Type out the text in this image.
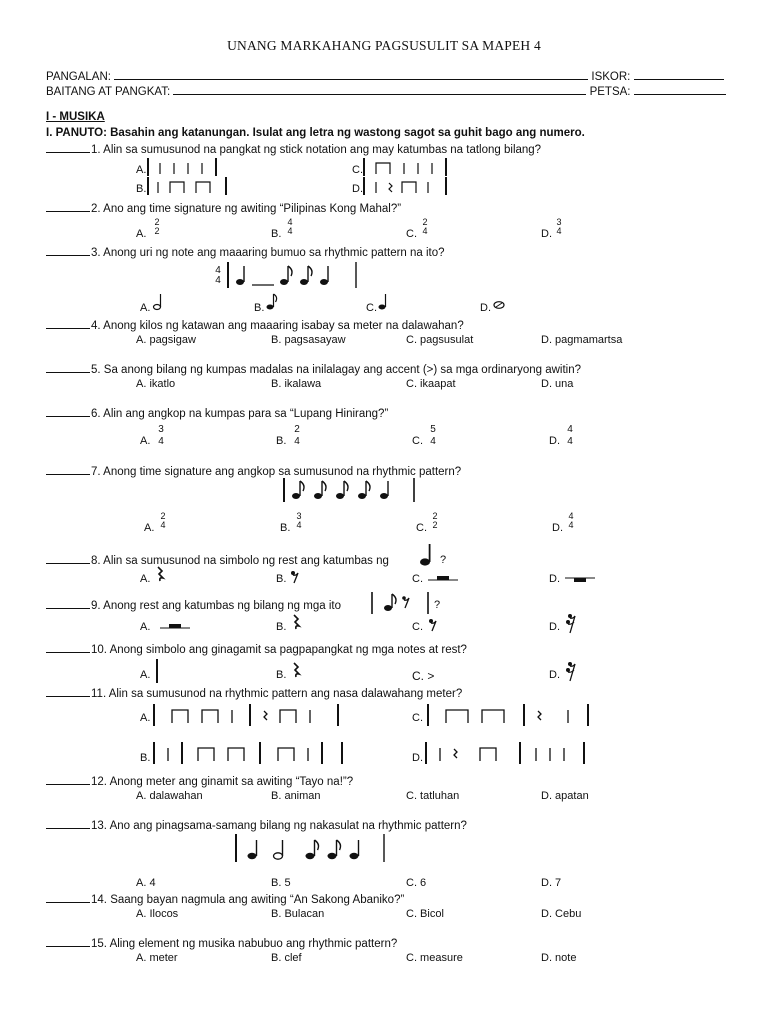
UNANG MARKAHANG PAGSUSULIT SA MAPEH 4
PANGALAN:	ISKOR:
BAITANG AT PANGKAT:	PETSA:
I - MUSIKA
I. PANUTO: Basahin ang katanungan. Isulat ang letra ng wastong sagot sa guhit bago ang numero.
1. Alin sa sumusunod na pangkat ng stick notation ang may katumbas na tatlong bilang?
A.
B.
C.
D.
2. Ano ang time signature ng awiting “Pilipinas Kong Mahal?”
A.
2
2	B.
4
4	C.
2
4	D.
3
4
3. Anong uri ng note ang maaaring bumuo sa rhythmic pattern na ito?
4
4
A.	B.	C.	D.
4. Anong kilos ng katawan ang maaaring isabay sa meter na dalawahan?
A. pagsigaw	B. pagsasayaw	C. pagsusulat	D. pagmamartsa
5. Sa anong bilang ng kumpas madalas na inilalagay ang accent (>) sa mga ordinaryong awitin?
A. ikatlo	B. ikalawa	C. ikaapat	D. una
6. Alin ang angkop na kumpas para sa “Lupang Hinirang?”
A.
3
4	B.
2
4	C.
5
4	D.
4
4
7. Anong time signature ang angkop sa sumusunod na rhythmic pattern?
A.
2
4	B.
3
4	C.
2
2	D.
4
4
8. Alin sa sumusunod na simbolo ng rest ang katumbas ng	?
A.	B.	C.	D.
9. Anong rest ang katumbas ng bilang ng mga ito	?
A.	B.	C.	D.
10. Anong simbolo ang ginagamit sa pagpapangkat ng mga notes at rest?
A.	B.	C. >	D.
11. Alin sa sumusunod na rhythmic pattern ang nasa dalawahang meter?
A.	C.
B.	D.
12. Anong meter ang ginamit sa awiting “Tayo na!”?
A. dalawahan	B. animan	C. tatluhan	D. apatan
13. Ano ang pinagsama-samang bilang ng nakasulat na rhythmic pattern?
A. 4	B. 5	C. 6	D. 7
14. Saang bayan nagmula ang awiting “An Sakong Abaniko?”
A. Ilocos	B. Bulacan	C. Bicol	D. Cebu
15. Aling element ng musika nabubuo ang rhythmic pattern?
A. meter	B. clef	C. measure	D. note
